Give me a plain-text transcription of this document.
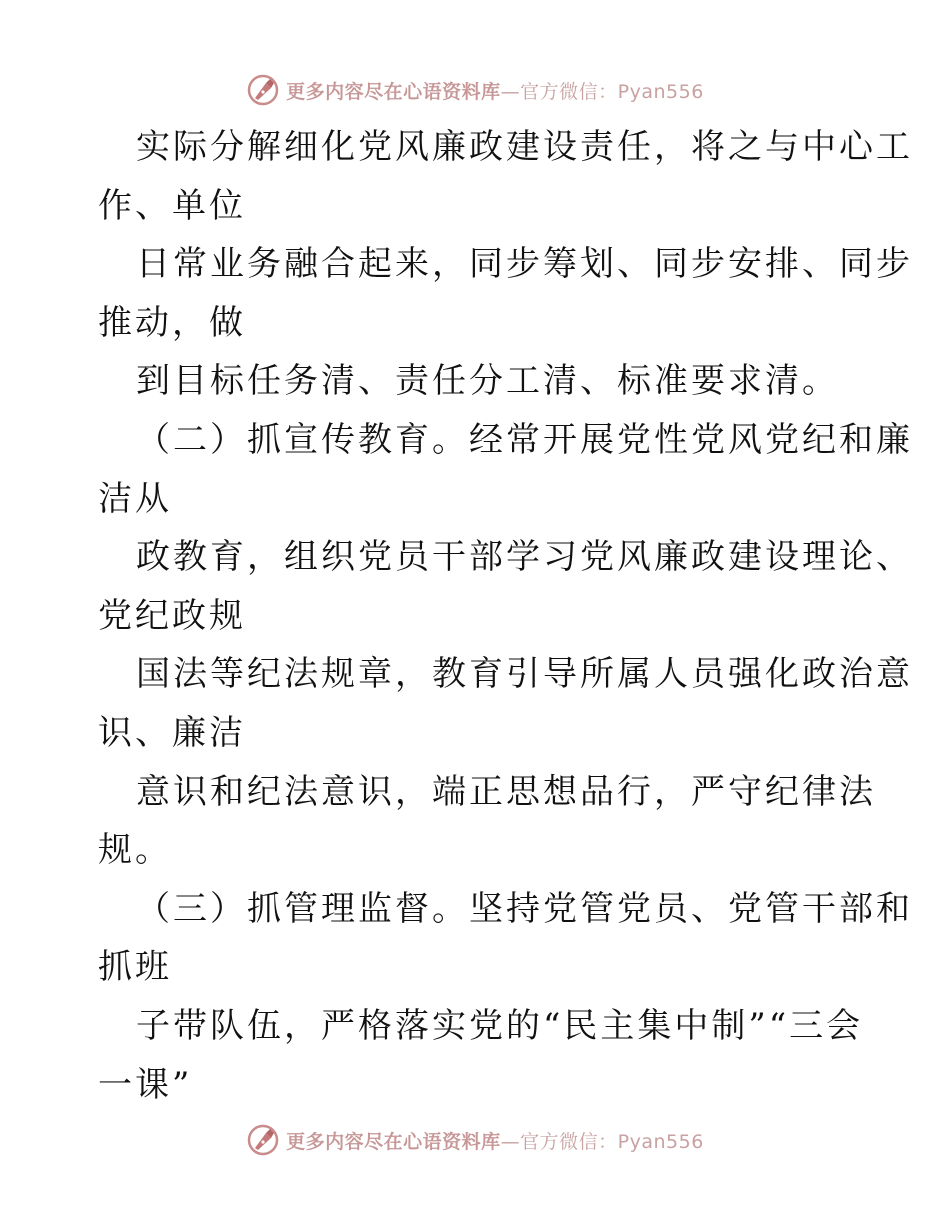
更多内容尽在心语资料库—官方微信：Pyan556
实际分解细化党风廉政建设责任，将之与中心工
作、单位
日常业务融合起来，同步筹划、同步安排、同步
推动，做
到目标任务清、责任分工清、标准要求清。
（二）抓宣传教育。经常开展党性党风党纪和廉
洁从
政教育，组织党员干部学习党风廉政建设理论、
党纪政规
国法等纪法规章，教育引导所属人员强化政治意
识、廉洁
意识和纪法意识，端正思想品行，严守纪律法
规。
（三）抓管理监督。坚持党管党员、党管干部和
抓班
子带队伍，严格落实党的“民主集中制”“三会
一课”
更多内容尽在心语资料库—官方微信：Pyan556
